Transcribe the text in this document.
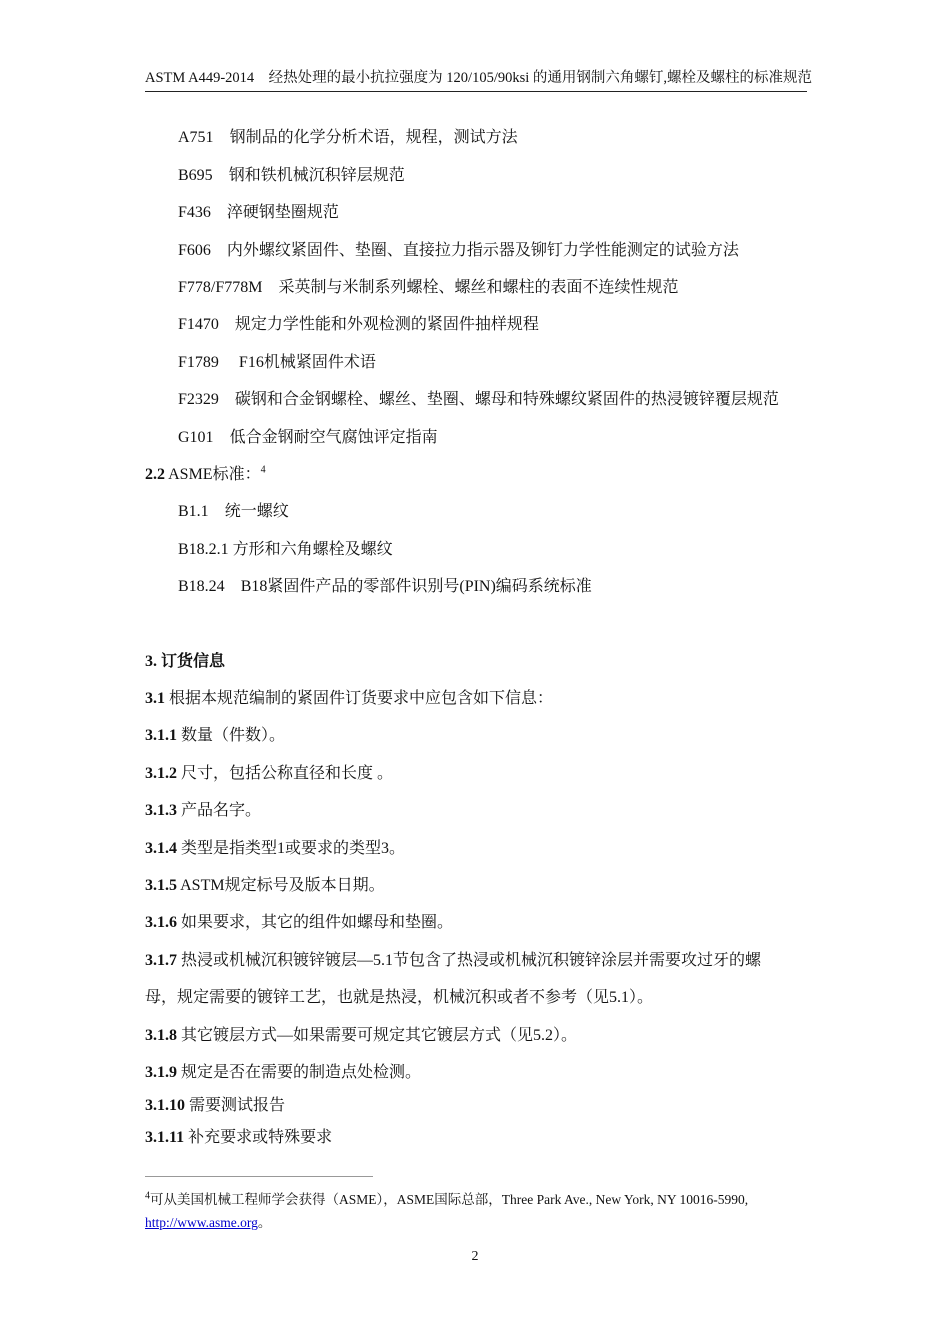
ASTM A449-2014　经热处理的最小抗拉强度为 120/105/90ksi 的通用钢制六角螺钉,螺栓及螺柱的标准规范
A751　 钢制品的化学分析术语，规程，测试方法
B695　 钢和铁机械沉积锌层规范
F436　 淬硬钢垫圈规范
F606　 内外螺纹紧固件、垫圈、直接拉力指示器及铆钉力学性能测定的试验方法
F778/F778M　 采英制与米制系列螺栓、螺丝和螺柱的表面不连续性规范
F1470　 规定力学性能和外观检测的紧固件抽样规程
F1789　 F16机械紧固件术语
F2329　 碳钢和合金钢螺栓、螺丝、垫圈、螺母和特殊螺纹紧固件的热浸镀锌覆层规范
G101　 低合金钢耐空气腐蚀评定指南
2.2 ASME标准：$^4$
B1.1　 统一螺纹
B18.2.1 方形和六角螺栓及螺纹
B18.24　 B18紧固件产品的零部件识别号(PIN)编码系统标准
3. 订货信息
3.1 根据本规范编制的紧固件订货要求中应包含如下信息：
3.1.1 数量（件数）。
3.1.2 尺寸，包括公称直径和长度 。
3.1.3 产品名字。
3.1.4 类型是指类型1或要求的类型3。
3.1.5 ASTM规定标号及版本日期。
3.1.6 如果要求，其它的组件如螺母和垫圈。
3.1.7 热浸或机械沉积镀锌镀层—5.1节包含了热浸或机械沉积镀锌涂层并需要攻过牙的螺
母，规定需要的镀锌工艺，也就是热浸，机械沉积或者不参考（见5.1）。
3.1.8 其它镀层方式—如果需要可规定其它镀层方式（见5.2）。
3.1.9 规定是否在需要的制造点处检测。
3.1.10 需要测试报告
3.1.11 补充要求或特殊要求
$^4$可从美国机械工程师学会获得（ASME），ASME国际总部，Three Park Ave., New York, NY 10016-5990,
http://www.asme.org。
2
